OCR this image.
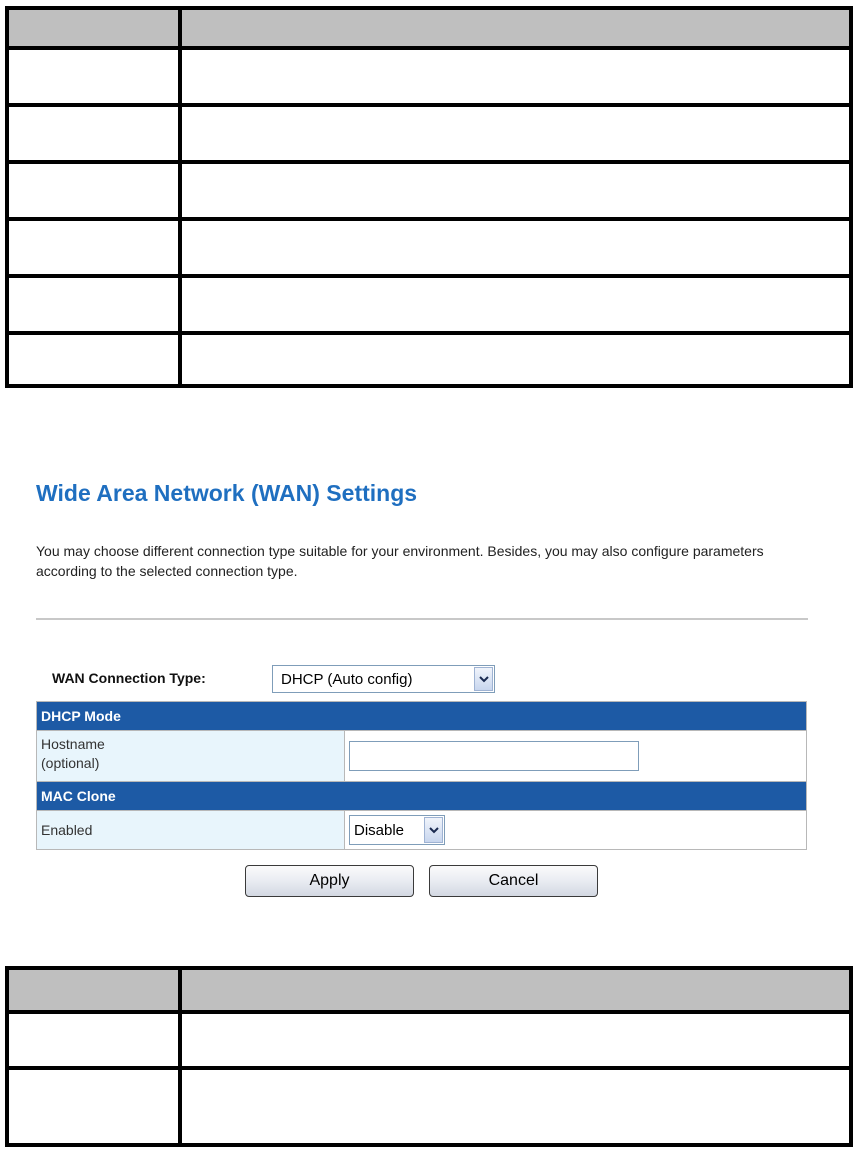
Wide Area Network (WAN) Settings

You may choose different connection type suitable for your environment. Besides, you may also configure parameters according to the selected connection type.

WAN Connection Type:	DHCP (Auto config)
DHCP Mode
Hostname
(optional)
MAC Clone
Enabled	Disable
Apply	Cancel
